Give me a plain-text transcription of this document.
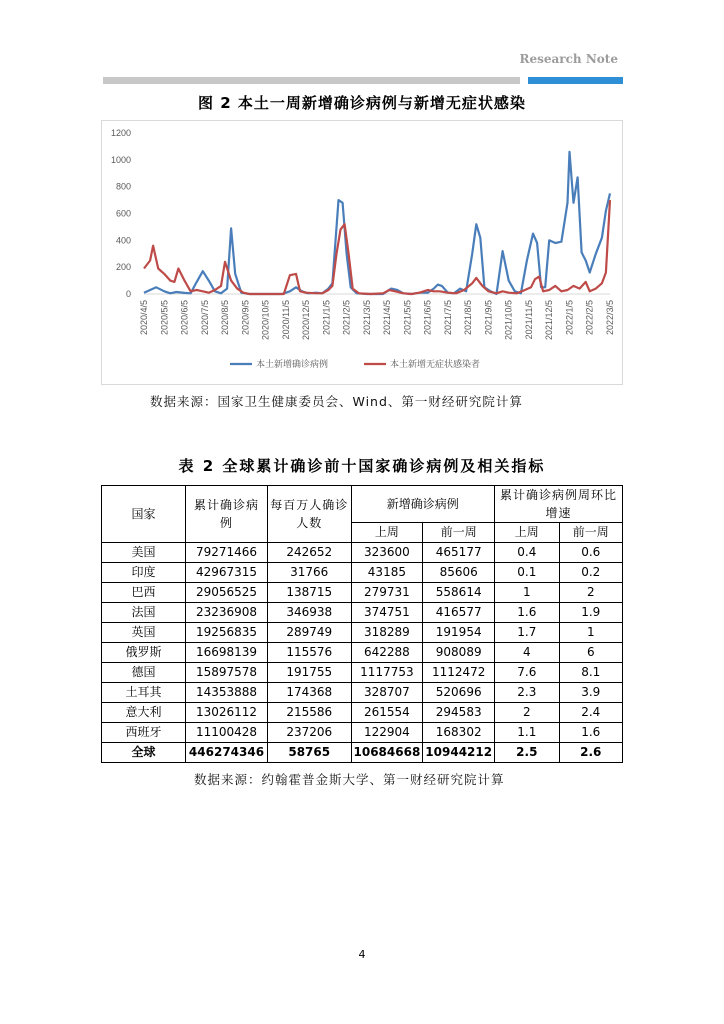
Research Note
图 2 本土一周新增确诊病例与新增无症状感染
0
200
400
600
800
1000
1200
2020/4/5 2020/5/5 2020/6/5 2020/7/5 2020/8/5 2020/9/5 2020/10/5 2020/11/5 2020/12/5 2021/1/5 2021/2/5 2021/3/5 2021/4/5 2021/5/5 2021/6/5 2021/7/5 2021/8/5 2021/9/5 2021/10/5 2021/11/5 2021/12/5 2022/1/5 2022/2/5 2022/3/5
本土新增确诊病例	本土新增无症状感染者
数据来源：国家卫生健康委员会、Wind、第一财经研究院计算
表 2 全球累计确诊前十国家确诊病例及相关指标
国家	累计确诊病例	每百万人确诊人数	新增确诊病例		累计确诊病例周环比增速	
			上周	前一周	上周	前一周
美国	79271466	242652	323600	465177	0.4	0.6
印度	42967315	31766	43185	85606	0.1	0.2
巴西	29056525	138715	279731	558614	1	2
法国	23236908	346938	374751	416577	1.6	1.9
英国	19256835	289749	318289	191954	1.7	1
俄罗斯	16698139	115576	642288	908089	4	6
德国	15897578	191755	1117753	1112472	7.6	8.1
土耳其	14353888	174368	328707	520696	2.3	3.9
意大利	13026112	215586	261554	294583	2	2.4
西班牙	11100428	237206	122904	168302	1.1	1.6
全球	446274346	58765	10684668	10944212	2.5	2.6
数据来源：约翰霍普金斯大学、第一财经研究院计算
4
